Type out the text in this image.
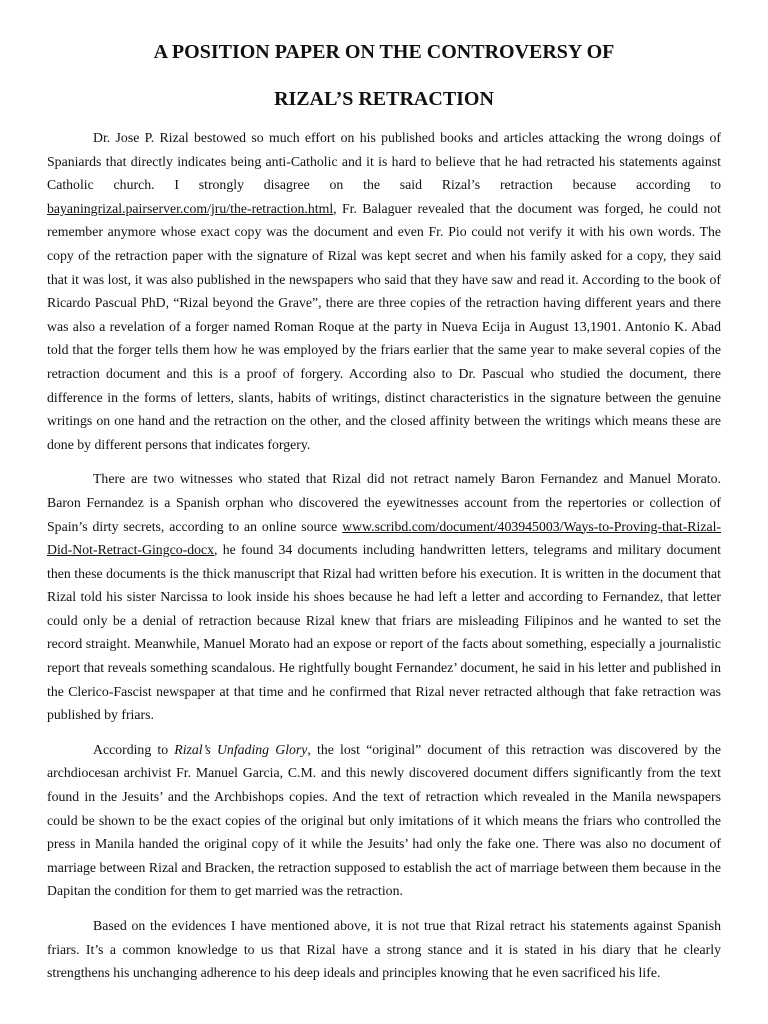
A POSITION PAPER ON THE CONTROVERSY OF
RIZAL’S RETRACTION

Dr. Jose P. Rizal bestowed so much effort on his published books and articles attacking the wrong doings of Spaniards that directly indicates being anti-Catholic and it is hard to believe that he had retracted his statements against Catholic church. I strongly disagree on the said Rizal’s retraction because according to bayaningrizal.pairserver.com/jru/the-retraction.html, Fr. Balaguer revealed that the document was forged, he could not remember anymore whose exact copy was the document and even Fr. Pio could not verify it with his own words. The copy of the retraction paper with the signature of Rizal was kept secret and when his family asked for a copy, they said that it was lost, it was also published in the newspapers who said that they have saw and read it. According to the book of Ricardo Pascual PhD, “Rizal beyond the Grave”, there are three copies of the retraction having different years and there was also a revelation of a forger named Roman Roque at the party in Nueva Ecija in August 13,1901. Antonio K. Abad told that the forger tells them how he was employed by the friars earlier that the same year to make several copies of the retraction document and this is a proof of forgery. According also to Dr. Pascual who studied the document, there difference in the forms of letters, slants, habits of writings, distinct characteristics in the signature between the genuine writings on one hand and the retraction on the other, and the closed affinity between the writings which means these are done by different persons that indicates forgery.

There are two witnesses who stated that Rizal did not retract namely Baron Fernandez and Manuel Morato. Baron Fernandez is a Spanish orphan who discovered the eyewitnesses account from the repertories or collection of Spain’s dirty secrets, according to an online source www.scribd.com/document/403945003/Ways-to-Proving-that-Rizal-Did-Not-Retract-Gingco-docx, he found 34 documents including handwritten letters, telegrams and military document then these documents is the thick manuscript that Rizal had written before his execution. It is written in the document that Rizal told his sister Narcissa to look inside his shoes because he had left a letter and according to Fernandez, that letter could only be a denial of retraction because Rizal knew that friars are misleading Filipinos and he wanted to set the record straight. Meanwhile, Manuel Morato had an expose or report of the facts about something, especially a journalistic report that reveals something scandalous. He rightfully bought Fernandez’ document, he said in his letter and published in the Clerico-Fascist newspaper at that time and he confirmed that Rizal never retracted although that fake retraction was published by friars.

According to Rizal’s Unfading Glory, the lost “original” document of this retraction was discovered by the archdiocesan archivist Fr. Manuel Garcia, C.M. and this newly discovered document differs significantly from the text found in the Jesuits’ and the Archbishops copies. And the text of retraction which revealed in the Manila newspapers could be shown to be the exact copies of the original but only imitations of it which means the friars who controlled the press in Manila handed the original copy of it while the Jesuits’ had only the fake one. There was also no document of marriage between Rizal and Bracken, the retraction supposed to establish the act of marriage between them because in the Dapitan the condition for them to get married was the retraction.

Based on the evidences I have mentioned above, it is not true that Rizal retract his statements against Spanish friars. It’s a common knowledge to us that Rizal have a strong stance and it is stated in his diary that he clearly strengthens his unchanging adherence to his deep ideals and principles knowing that he even sacrificed his life.
